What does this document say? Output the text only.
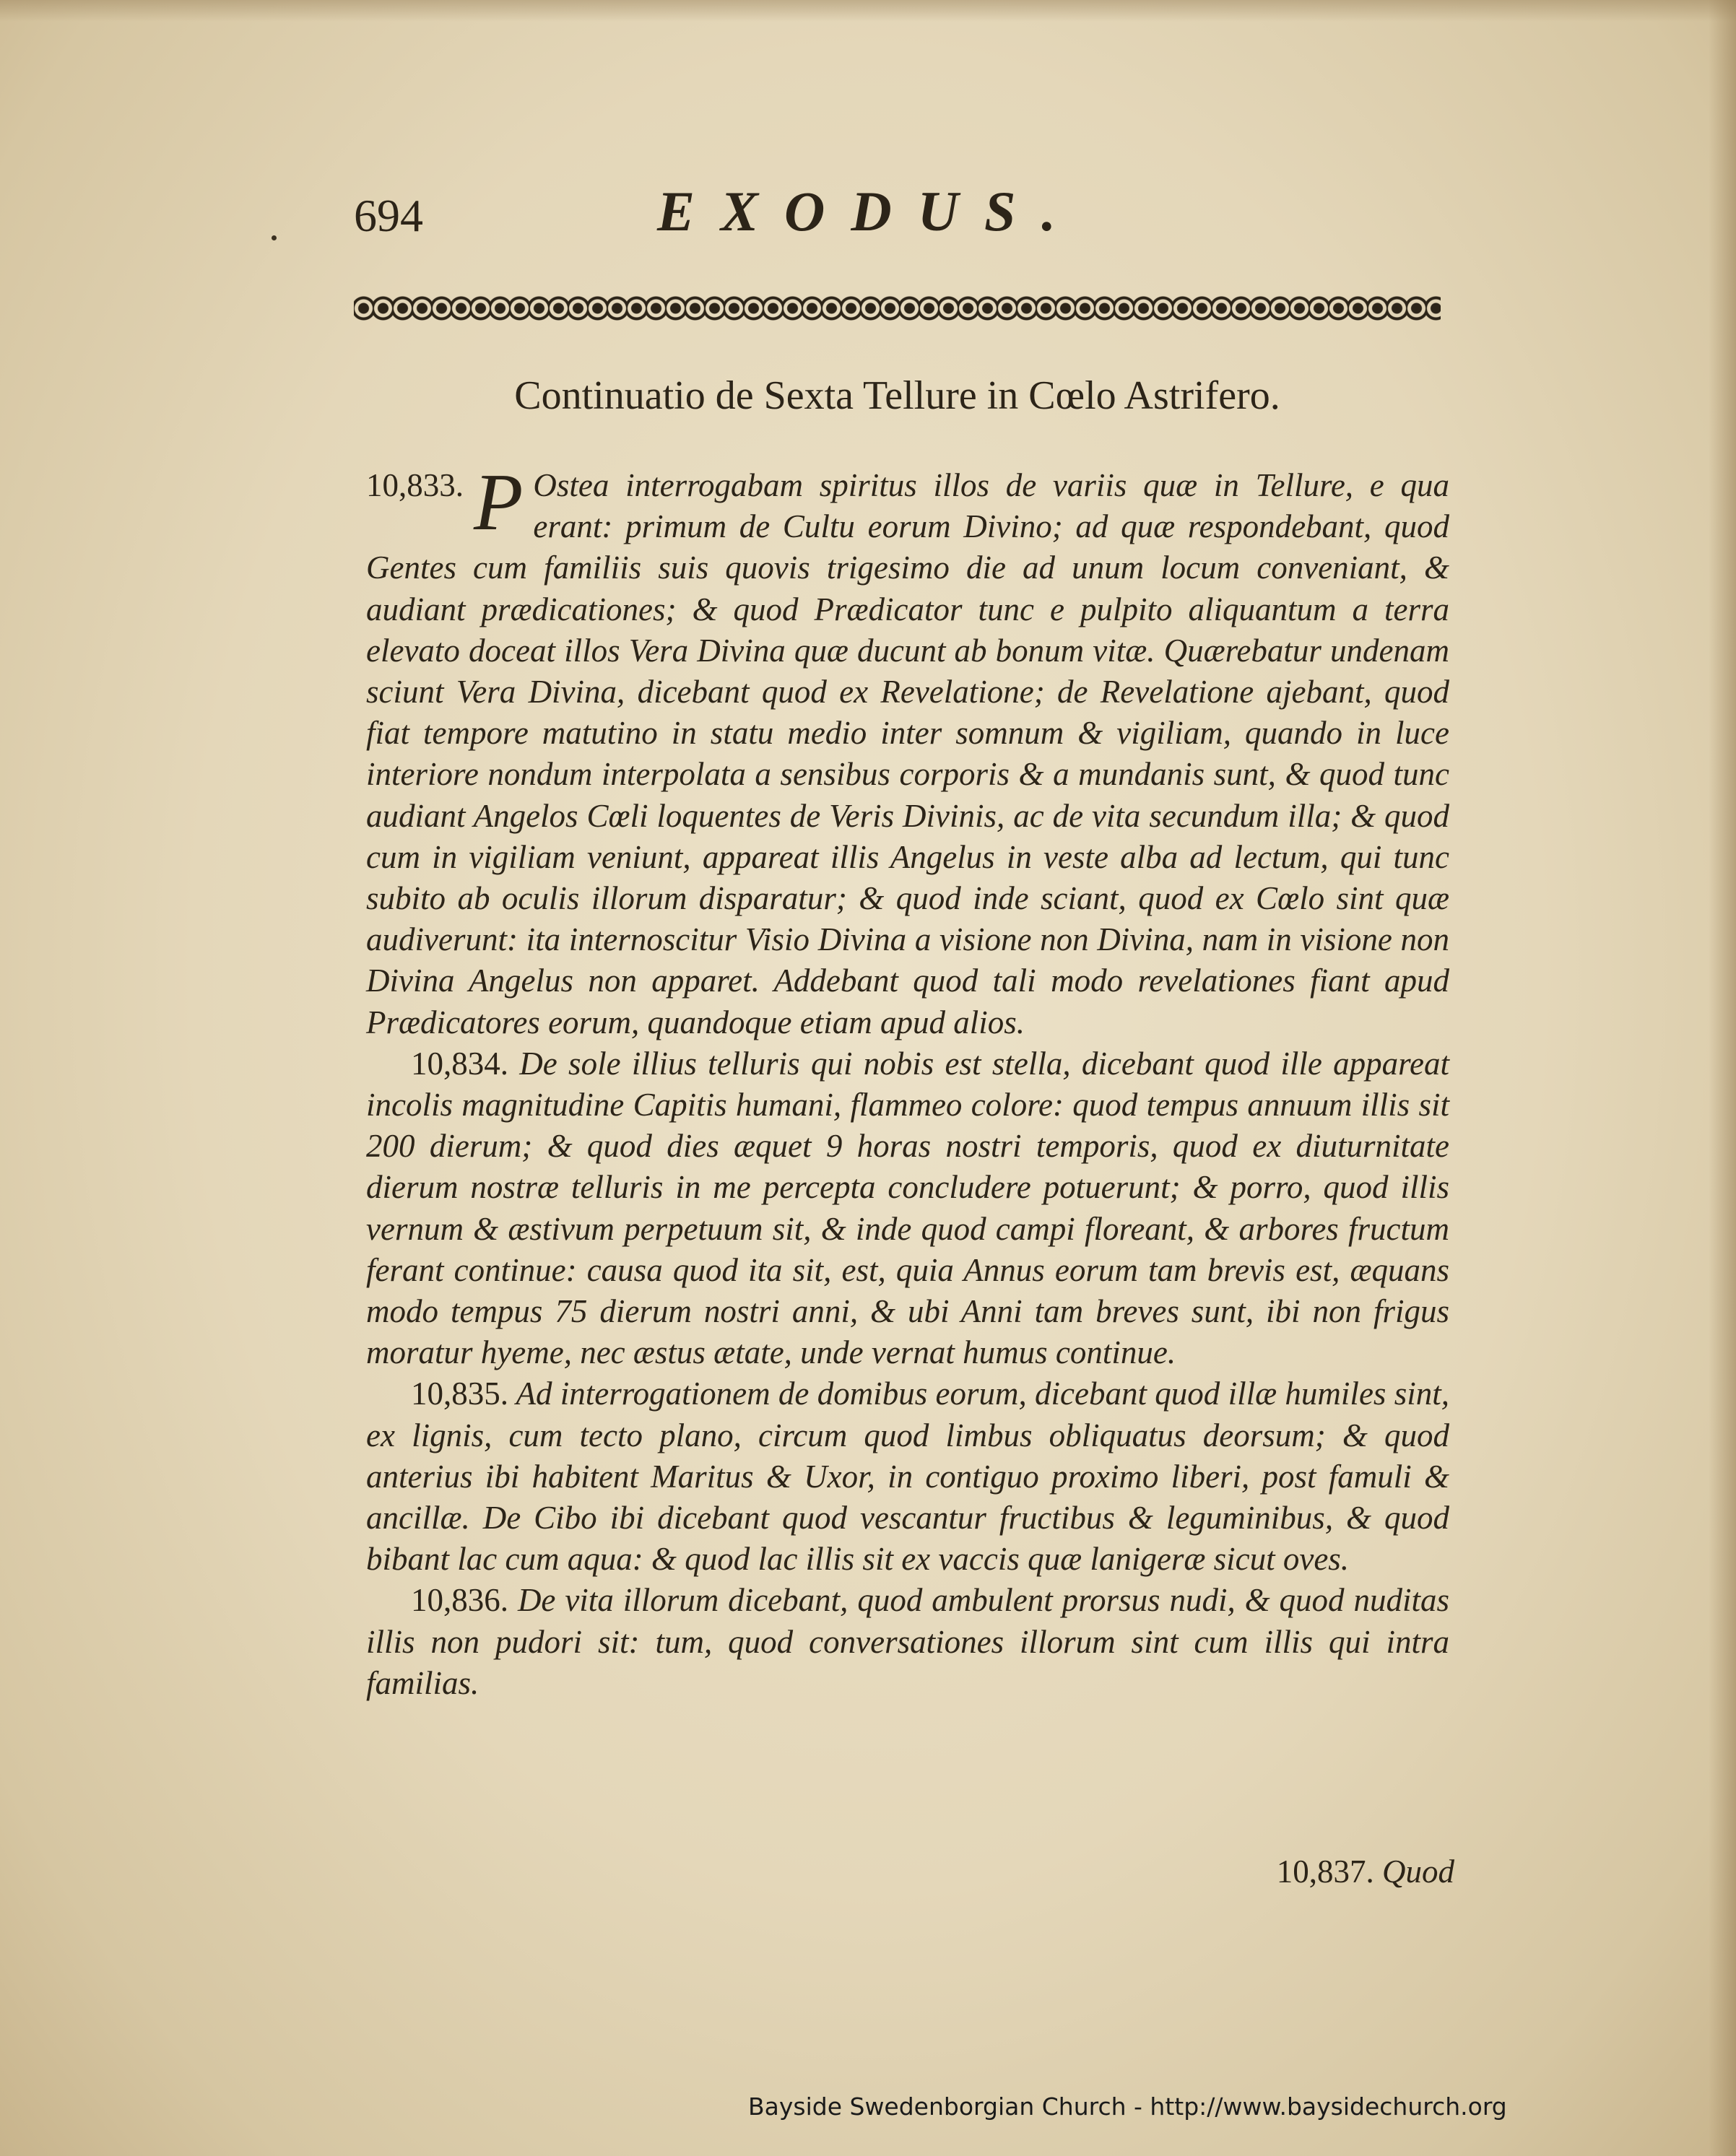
694	EXODUS.
Continuatio de Sexta Tellure in Cœlo Astrifero.

10,833. P Ostea interrogabam spiritus illos de variis quæ in Tellure, e qua erant: primum de Cultu eorum Divino; ad quæ respondebant, quod Gentes cum familiis suis quovis trigesimo die ad unum locum conveniant, & audiant prædicationes; & quod Prædicator tunc e pulpito aliquantum a terra elevato doceat illos Vera Divina quæ ducunt ab bonum vitæ. Quærebatur undenam sciunt Vera Divina, dicebant quod ex Revelatione; de Revelatione ajebant, quod fiat tempore matutino in statu medio inter somnum & vigiliam, quando in luce interiore nondum interpolata a sensibus corporis & a mundanis sunt, & quod tunc audiant Angelos Cœli loquentes de Veris Divinis, ac de vita secundum illa; & quod cum in vigiliam veniunt, appareat illis Angelus in veste alba ad lectum, qui tunc subito ab oculis illorum disparatur; & quod inde sciant, quod ex Cœlo sint quæ audiverunt: ita internoscitur Visio Divina a visione non Divina, nam in visione non Divina Angelus non apparet. Addebant quod tali modo revelationes fiant apud Prædicatores eorum, quandoque etiam apud alios.

10,834. De sole illius telluris qui nobis est stella, dicebant quod ille appareat incolis magnitudine Capitis humani, flammeo colore: quod tempus annuum illis sit 200 dierum; & quod dies æquet 9 horas nostri temporis, quod ex diuturnitate dierum nostræ telluris in me percepta concludere potuerunt; & porro, quod illis vernum & æstivum perpetuum sit, & inde quod campi floreant, & arbores fructum ferant continue: causa quod ita sit, est, quia Annus eorum tam brevis est, æquans modo tempus 75 dierum nostri anni, & ubi Anni tam breves sunt, ibi non frigus moratur hyeme, nec æstus ætate, unde vernat humus continue.

10,835. Ad interrogationem de domibus eorum, dicebant quod illæ humiles sint, ex lignis, cum tecto plano, circum quod limbus obliquatus deorsum; & quod anterius ibi habitent Maritus & Uxor, in contiguo proximo liberi, post famuli & ancillæ. De Cibo ibi dicebant quod vescantur fructibus & leguminibus, & quod bibant lac cum aqua: & quod lac illis sit ex vaccis quæ lanigeræ sicut oves.

10,836. De vita illorum dicebant, quod ambulent prorsus nudi, & quod nuditas illis non pudori sit: tum, quod conversationes illorum sint cum illis qui intra familias.

10,837. Quod
Bayside Swedenborgian Church - http://www.baysidechurch.org
